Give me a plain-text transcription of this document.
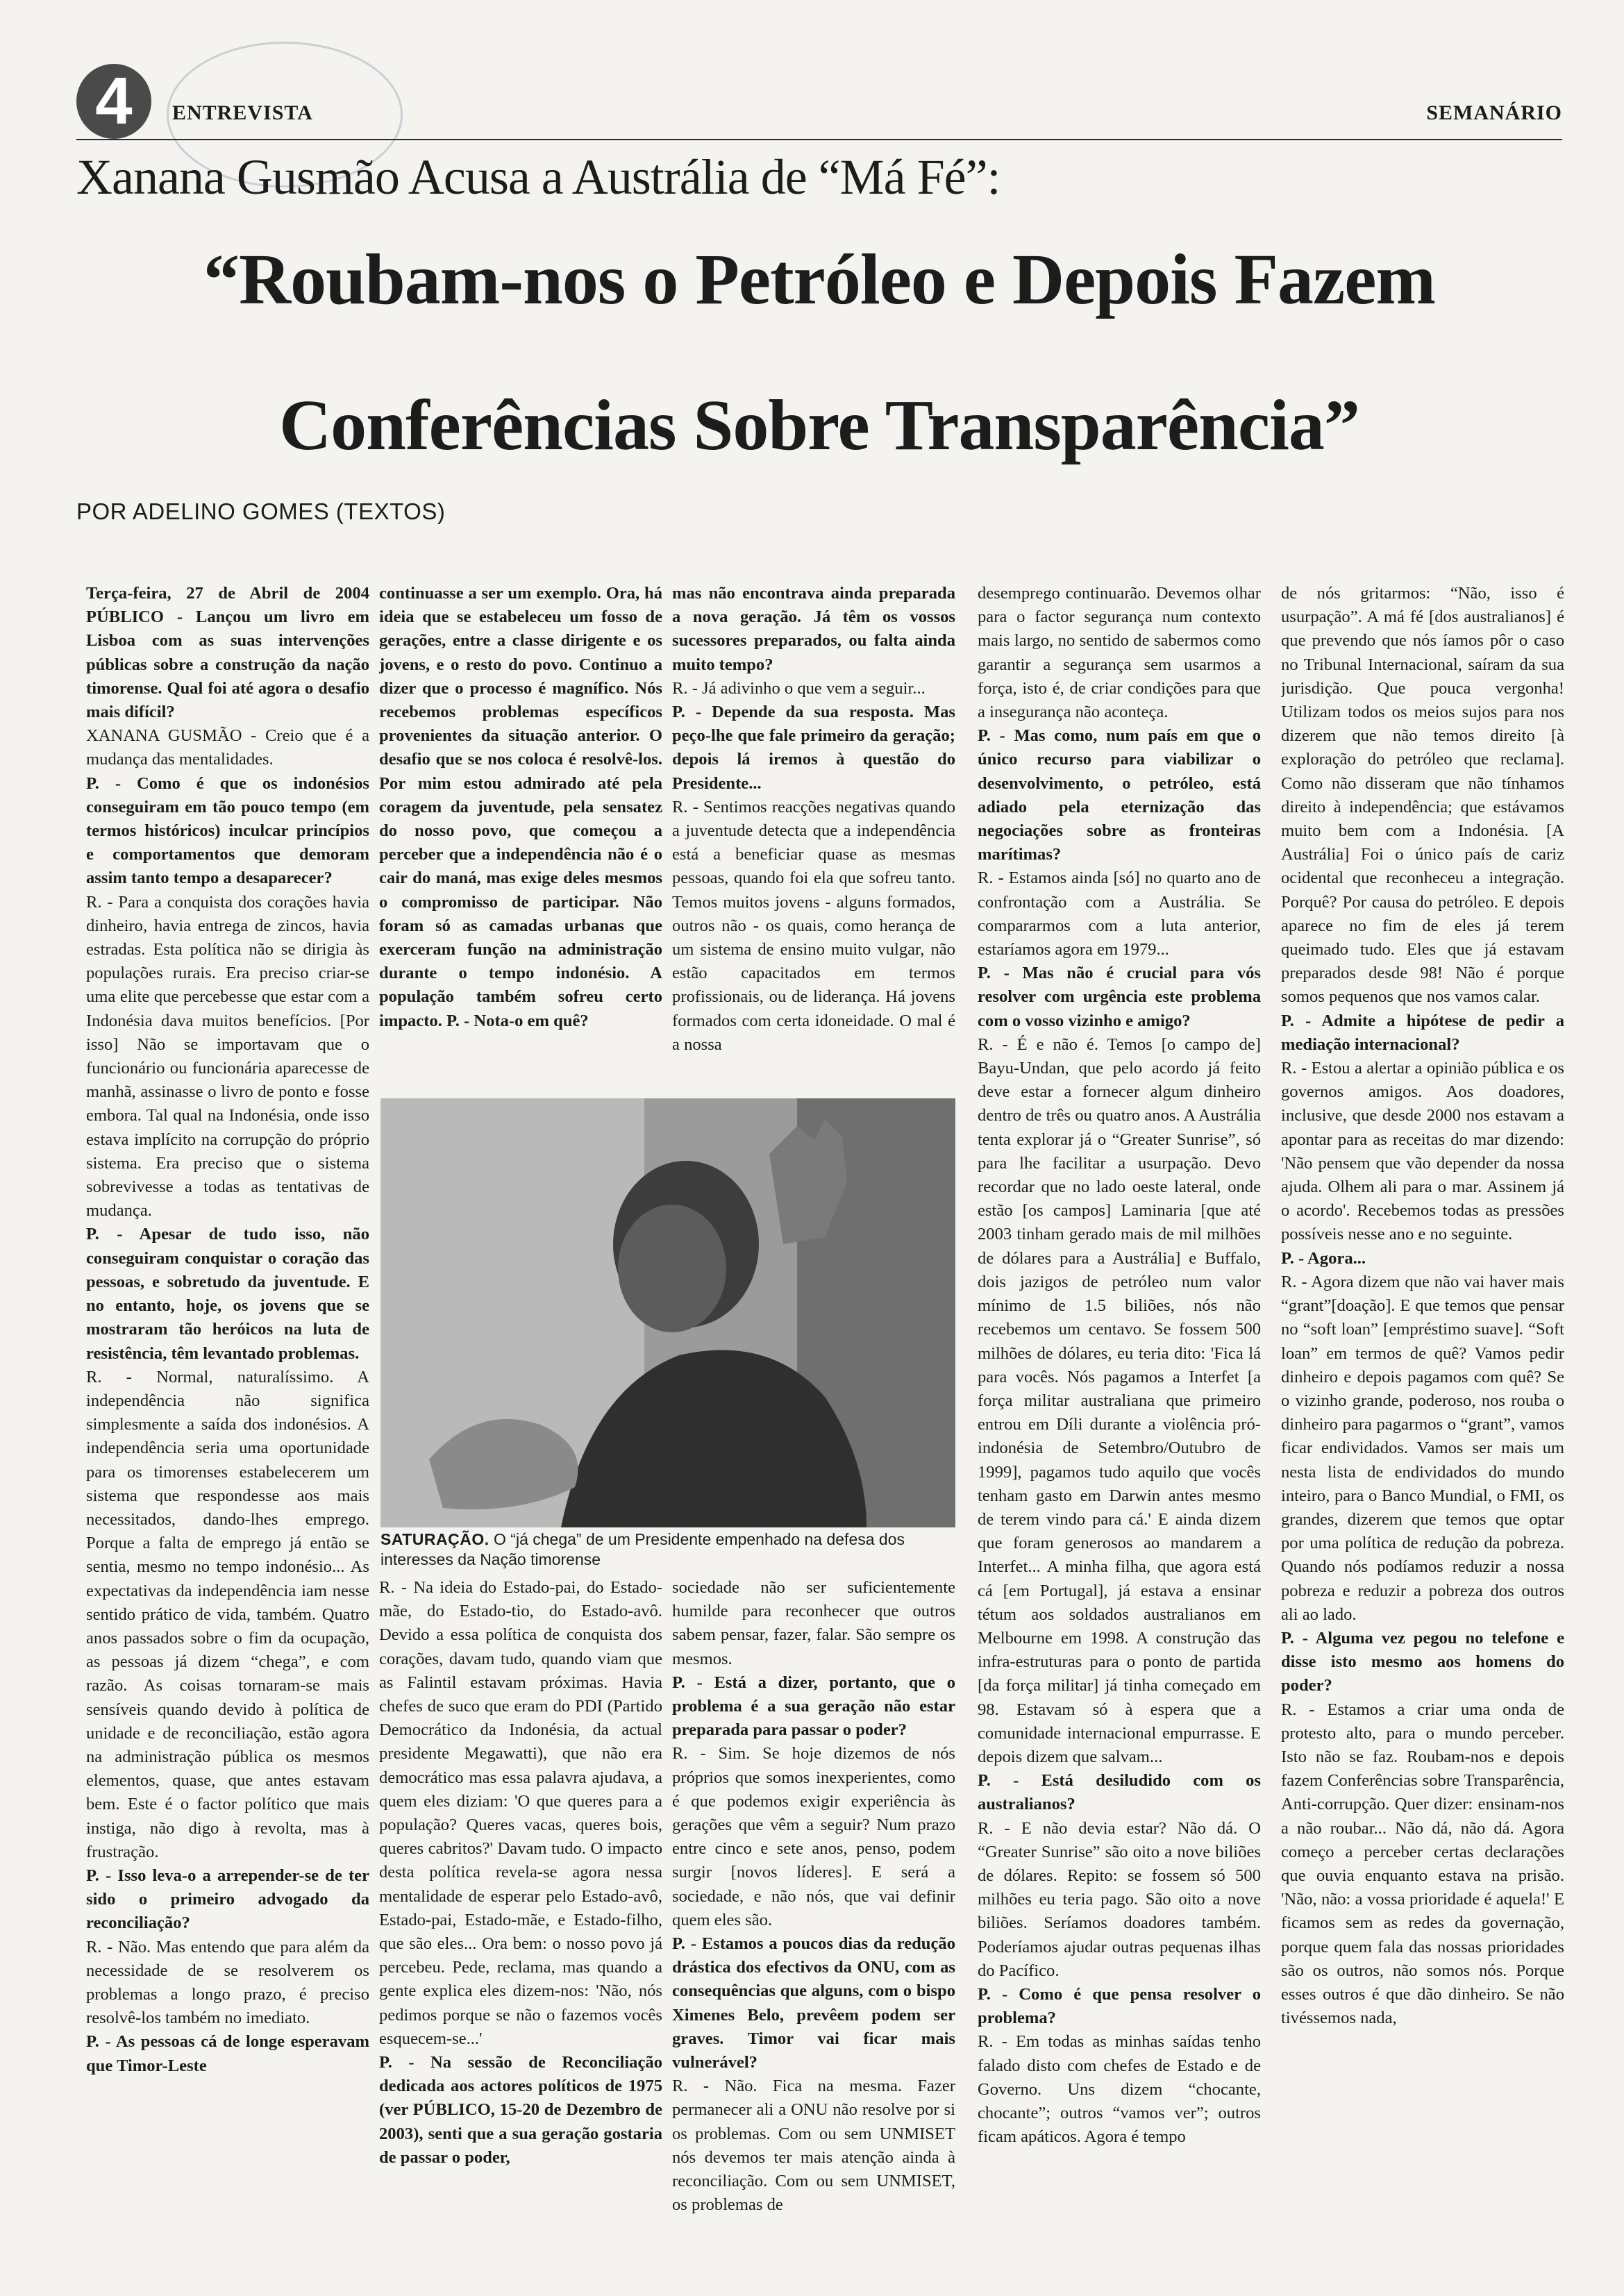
4	ENTREVISTA	SEMANÁRIO
Xanana Gusmão Acusa a Austrália de “Má Fé”:
“Roubam-nos o Petróleo e Depois Fazem
Conferências Sobre Transparência”
POR ADELINO GOMES (TEXTOS)

Terça-feira, 27 de Abril de 2004 PÚBLICO - Lançou um livro em Lisboa com as suas intervenções públicas sobre a construção da nação timorense. Qual foi até agora o desafio mais difícil?

XANANA GUSMÃO - Creio que é a mudança das mentalidades.

P. - Como é que os indonésios conseguiram em tão pouco tempo (em termos históricos) inculcar princípios e comportamentos que demoram assim tanto tempo a desaparecer?

R. - Para a conquista dos corações havia dinheiro, havia entrega de zincos, havia estradas. Esta política não se dirigia às populações rurais. Era preciso criar-se uma elite que percebesse que estar com a Indonésia dava muitos benefícios. [Por isso] Não se importavam que o funcionário ou funcionária aparecesse de manhã, assinasse o livro de ponto e fosse embora. Tal qual na Indonésia, onde isso estava implícito na corrupção do próprio sistema. Era preciso que o sistema sobrevivesse a todas as tentativas de mudança.

P. - Apesar de tudo isso, não conseguiram conquistar o coração das pessoas, e sobretudo da juventude. E no entanto, hoje, os jovens que se mostraram tão heróicos na luta de resistência, têm levantado problemas.

R. - Normal, naturalíssimo. A independência não significa simplesmente a saída dos indonésios. A independência seria uma oportunidade para os timorenses estabelecerem um sistema que respondesse aos mais necessitados, dando-lhes emprego. Porque a falta de emprego já então se sentia, mesmo no tempo indonésio... As expectativas da independência iam nesse sentido prático de vida, também. Quatro anos passados sobre o fim da ocupação, as pessoas já dizem “chega”, e com razão. As coisas tornaram-se mais sensíveis quando devido à política de unidade e de reconciliação, estão agora na administração pública os mesmos elementos, quase, que antes estavam bem. Este é o factor político que mais instiga, não digo à revolta, mas à frustração.

P. - Isso leva-o a arrepender-se de ter sido o primeiro advogado da reconciliação?

R. - Não. Mas entendo que para além da necessidade de se resolverem os problemas a longo prazo, é preciso resolvê-los também no imediato.

P. - As pessoas cá de longe esperavam que Timor-Leste

continuasse a ser um exemplo. Ora, há ideia que se estabeleceu um fosso de gerações, entre a classe dirigente e os jovens, e o resto do povo. Continuo a dizer que o processo é magnífico. Nós recebemos problemas específicos provenientes da situação anterior. O desafio que se nos coloca é resolvê-los. Por mim estou admirado até pela coragem da juventude, pela sensatez do nosso povo, que começou a perceber que a independência não é o cair do maná, mas exige deles mesmos o compromisso de participar. Não foram só as camadas urbanas que exerceram função na administração durante o tempo indonésio. A população também sofreu certo impacto. P. - Nota-o em quê?

mas não encontrava ainda preparada a nova geração. Já têm os vossos sucessores preparados, ou falta ainda muito tempo?

R. - Já adivinho o que vem a seguir...

P. - Depende da sua resposta. Mas peço-lhe que fale primeiro da geração; depois lá iremos à questão do Presidente...

R. - Sentimos reacções negativas quando a juventude detecta que a independência está a beneficiar quase as mesmas pessoas, quando foi ela que sofreu tanto. Temos muitos jovens - alguns formados, outros não - os quais, como herança de um sistema de ensino muito vulgar, não estão capacitados em termos profissionais, ou de liderança. Há jovens formados com certa idoneidade. O mal é a nossa

SATURAÇÃO. O “já chega” de um Presidente empenhado na defesa dos interesses da Nação timorense

R. - Na ideia do Estado-pai, do Estado-mãe, do Estado-tio, do Estado-avô. Devido a essa política de conquista dos corações, davam tudo, quando viam que as Falintil estavam próximas. Havia chefes de suco que eram do PDI (Partido Democrático da Indonésia, da actual presidente Megawatti), que não era democrático mas essa palavra ajudava, a quem eles diziam: 'O que queres para a população? Queres vacas, queres bois, queres cabritos?' Davam tudo. O impacto desta política revela-se agora nessa mentalidade de esperar pelo Estado-avô, Estado-pai, Estado-mãe, e Estado-filho, que são eles... Ora bem: o nosso povo já percebeu. Pede, reclama, mas quando a gente explica eles dizem-nos: 'Não, nós pedimos porque se não o fazemos vocês esquecem-se...'

P. - Na sessão de Reconciliação dedicada aos actores políticos de 1975 (ver PÚBLICO, 15-20 de Dezembro de 2003), senti que a sua geração gostaria de passar o poder,

sociedade não ser suficientemente humilde para reconhecer que outros sabem pensar, fazer, falar. São sempre os mesmos.

P. - Está a dizer, portanto, que o problema é a sua geração não estar preparada para passar o poder?

R. - Sim. Se hoje dizemos de nós próprios que somos inexperientes, como é que podemos exigir experiência às gerações que vêm a seguir? Num prazo entre cinco e sete anos, penso, podem surgir [novos líderes]. E será a sociedade, e não nós, que vai definir quem eles são.

P. - Estamos a poucos dias da redução drástica dos efectivos da ONU, com as consequências que alguns, com o bispo Ximenes Belo, prevêem podem ser graves. Timor vai ficar mais vulnerável?

R. - Não. Fica na mesma. Fazer permanecer ali a ONU não resolve por si os problemas. Com ou sem UNMISET nós devemos ter mais atenção ainda à reconciliação. Com ou sem UNMISET, os problemas de

desemprego continuarão. Devemos olhar para o factor segurança num contexto mais largo, no sentido de sabermos como garantir a segurança sem usarmos a força, isto é, de criar condições para que a insegurança não aconteça.

P. - Mas como, num país em que o único recurso para viabilizar o desenvolvimento, o petróleo, está adiado pela eternização das negociações sobre as fronteiras marítimas?

R. - Estamos ainda [só] no quarto ano de confrontação com a Austrália. Se compararmos com a luta anterior, estaríamos agora em 1979...

P. - Mas não é crucial para vós resolver com urgência este problema com o vosso vizinho e amigo?

R. - É e não é. Temos [o campo de] Bayu-Undan, que pelo acordo já feito deve estar a fornecer algum dinheiro dentro de três ou quatro anos. A Austrália tenta explorar já o “Greater Sunrise”, só para lhe facilitar a usurpação. Devo recordar que no lado oeste lateral, onde estão [os campos] Laminaria [que até 2003 tinham gerado mais de mil milhões de dólares para a Austrália] e Buffalo, dois jazigos de petróleo num valor mínimo de 1.5 biliões, nós não recebemos um centavo. Se fossem 500 milhões de dólares, eu teria dito: 'Fica lá para vocês. Nós pagamos a Interfet [a força militar australiana que primeiro entrou em Díli durante a violência pró-indonésia de Setembro/Outubro de 1999], pagamos tudo aquilo que vocês tenham gasto em Darwin antes mesmo de terem vindo para cá.' E ainda dizem que foram generosos ao mandarem a Interfet... A minha filha, que agora está cá [em Portugal], já estava a ensinar tétum aos soldados australianos em Melbourne em 1998. A construção das infra-estruturas para o ponto de partida [da força militar] já tinha começado em 98. Estavam só à espera que a comunidade internacional empurrasse. E depois dizem que salvam...

P. - Está desiludido com os australianos?

R. - E não devia estar? Não dá. O “Greater Sunrise” são oito a nove biliões de dólares. Repito: se fossem só 500 milhões eu teria pago. São oito a nove biliões. Seríamos doadores também. Poderíamos ajudar outras pequenas ilhas do Pacífico.

P. - Como é que pensa resolver o problema?

R. - Em todas as minhas saídas tenho falado disto com chefes de Estado e de Governo. Uns dizem “chocante, chocante”; outros “vamos ver”; outros ficam apáticos. Agora é tempo

de nós gritarmos: “Não, isso é usurpação”. A má fé [dos australianos] é que prevendo que nós íamos pôr o caso no Tribunal Internacional, saíram da sua jurisdição. Que pouca vergonha! Utilizam todos os meios sujos para nos dizerem que não temos direito [à exploração do petróleo que reclama]. Como não disseram que não tínhamos direito à independência; que estávamos muito bem com a Indonésia. [A Austrália] Foi o único país de cariz ocidental que reconheceu a integração. Porquê? Por causa do petróleo. E depois aparece no fim de eles já terem queimado tudo. Eles que já estavam preparados desde 98! Não é porque somos pequenos que nos vamos calar.

P. - Admite a hipótese de pedir a mediação internacional?

R. - Estou a alertar a opinião pública e os governos amigos. Aos doadores, inclusive, que desde 2000 nos estavam a apontar para as receitas do mar dizendo: 'Não pensem que vão depender da nossa ajuda. Olhem ali para o mar. Assinem já o acordo'. Recebemos todas as pressões possíveis nesse ano e no seguinte.

P. - Agora...

R. - Agora dizem que não vai haver mais “grant”[doação]. E que temos que pensar no “soft loan” [empréstimo suave]. “Soft loan” em termos de quê? Vamos pedir dinheiro e depois pagamos com quê? Se o vizinho grande, poderoso, nos rouba o dinheiro para pagarmos o “grant”, vamos ficar endividados. Vamos ser mais um nesta lista de endividados do mundo inteiro, para o Banco Mundial, o FMI, os grandes, dizerem que temos que optar por uma política de redução da pobreza. Quando nós podíamos reduzir a nossa pobreza e reduzir a pobreza dos outros ali ao lado.

P. - Alguma vez pegou no telefone e disse isto mesmo aos homens do poder?

R. - Estamos a criar uma onda de protesto alto, para o mundo perceber. Isto não se faz. Roubam-nos e depois fazem Conferências sobre Transparência, Anti-corrupção. Quer dizer: ensinam-nos a não roubar... Não dá, não dá. Agora começo a perceber certas declarações que ouvia enquanto estava na prisão. 'Não, não: a vossa prioridade é aquela!' E ficamos sem as redes da governação, porque quem fala das nossas prioridades são os outros, não somos nós. Porque esses outros é que dão dinheiro. Se não tivéssemos nada,
